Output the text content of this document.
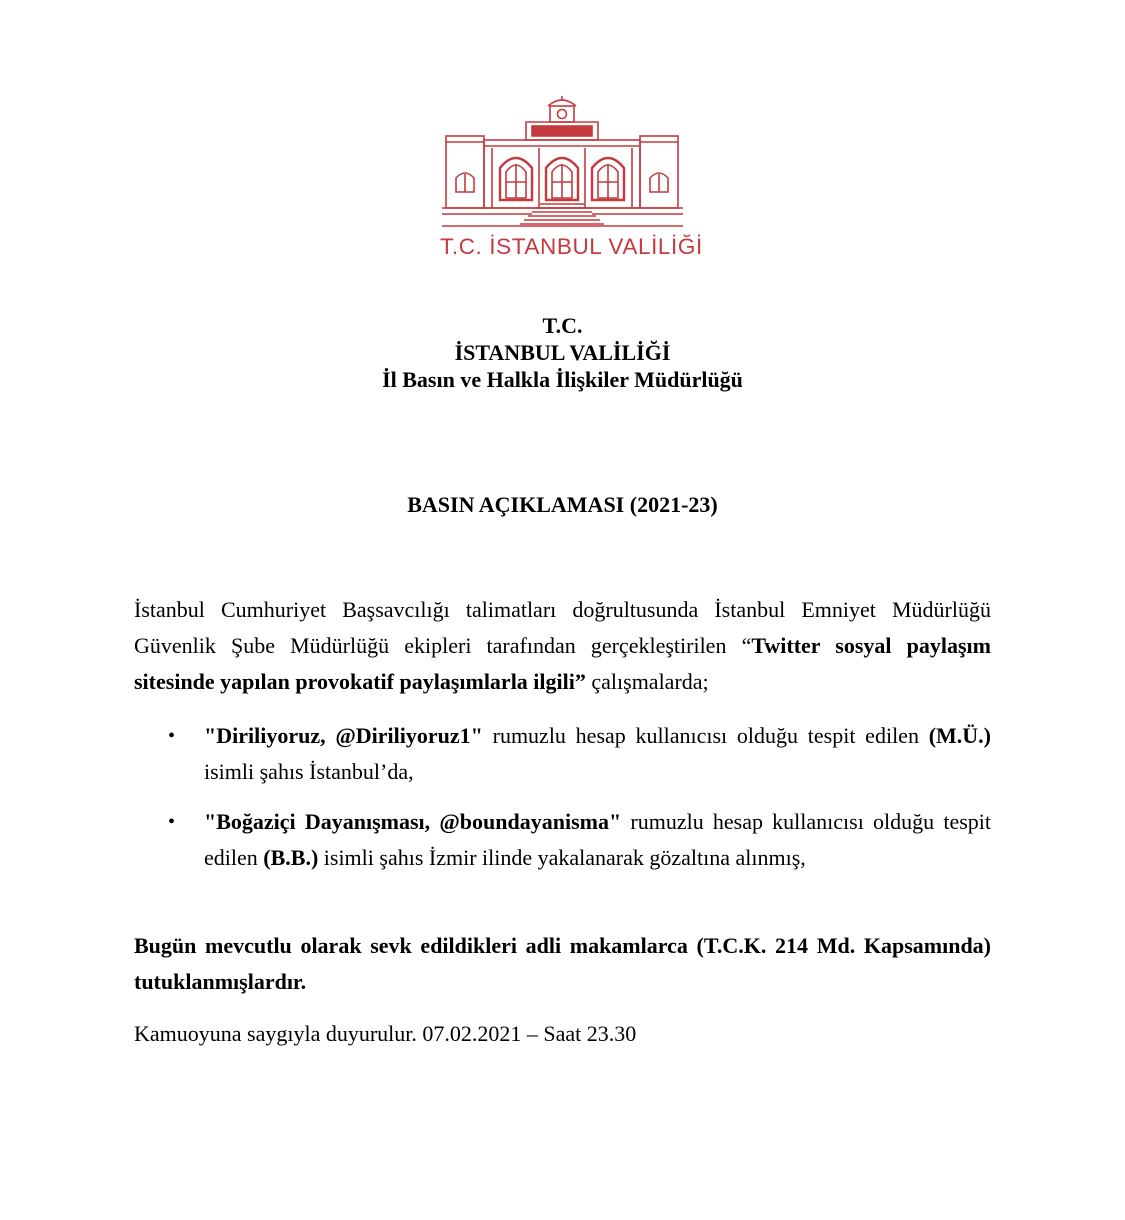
T.C. İSTANBUL VALİLİĞİ
T.C.
İSTANBUL VALİLİĞİ
İl Basın ve Halkla İlişkiler Müdürlüğü
BASIN AÇIKLAMASI (2021-23)
İstanbul Cumhuriyet Başsavcılığı talimatları doğrultusunda İstanbul Emniyet Müdürlüğü Güvenlik Şube Müdürlüğü ekipleri tarafından gerçekleştirilen “Twitter sosyal paylaşım sitesinde yapılan provokatif paylaşımlarla ilgili” çalışmalarda;
• "Diriliyoruz, @Diriliyoruz1" rumuzlu hesap kullanıcısı olduğu tespit edilen (M.Ü.) isimli şahıs İstanbul’da,
• "Boğaziçi Dayanışması, @boundayanisma" rumuzlu hesap kullanıcısı olduğu tespit edilen (B.B.) isimli şahıs İzmir ilinde yakalanarak gözaltına alınmış,
Bugün mevcutlu olarak sevk edildikleri adli makamlarca (T.C.K. 214 Md. Kapsamında) tutuklanmışlardır.
Kamuoyuna saygıyla duyurulur. 07.02.2021 – Saat 23.30
